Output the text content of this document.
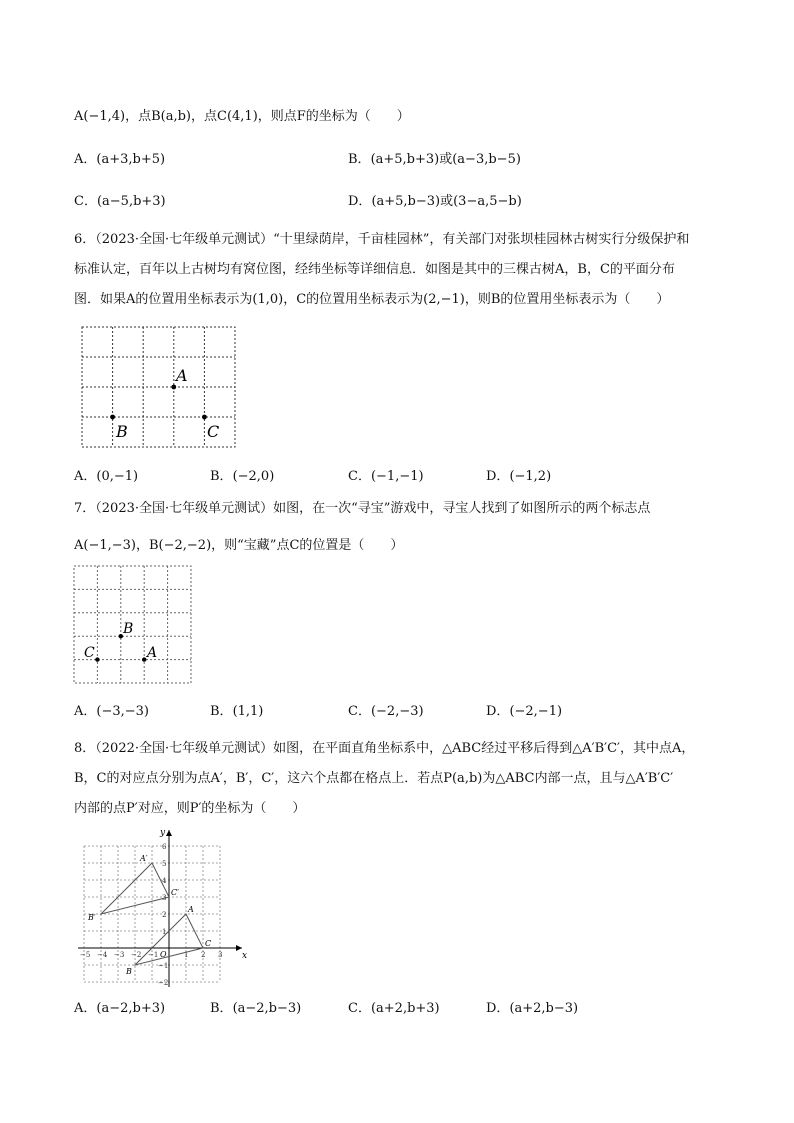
A(−1,4)，点B(a,b)，点C(4,1)，则点F的坐标为（　　）
A．(a+3,b+5)	B．(a+5,b+3)或(a−3,b−5)
C．(a−5,b+3)	D．(a+5,b−3)或(3−a,5−b)
6．（2023·全国·七年级单元测试）“十里绿荫岸，千亩桂园林”，有关部门对张坝桂园林古树实行分级保护和
标准认定，百年以上古树均有窝位图，经纬坐标等详细信息．如图是其中的三棵古树A，B，C的平面分布
图．如果A的位置用坐标表示为(1,0)，C的位置用坐标表示为(2,−1)，则B的位置用坐标表示为（　　）
A
B	C
A．(0,−1)	B．(−2,0)	C．(−1,−1)	D．(−1,2)
7．（2023·全国·七年级单元测试）如图，在一次“寻宝”游戏中，寻宝人找到了如图所示的两个标志点
A(−1,−3)，B(−2,−2)，则“宝藏”点C的位置是（　　）
A
B
C
A．(−3,−3)	B．(1,1)	C．(−2,−3)	D．(−2,−1)
8．（2022·全国·七年级单元测试）如图，在平面直角坐标系中，△ABC经过平移后得到△A′B′C′，其中点A，
B，C的对应点分别为点A′，B′，C′，这六个点都在格点上．若点P(a,b)为△ABC内部一点，且与△A′B′C′
内部的点P′对应，则P′的坐标为（　　）
x
y
O
−5 −4 −3 −2 −1	1 2 3
6
5
4
3
2
1
−1
−2
A
B
C
A′
B′
C′
A．(a−2,b+3)	B．(a−2,b−3)	C．(a+2,b+3)	D．(a+2,b−3)
